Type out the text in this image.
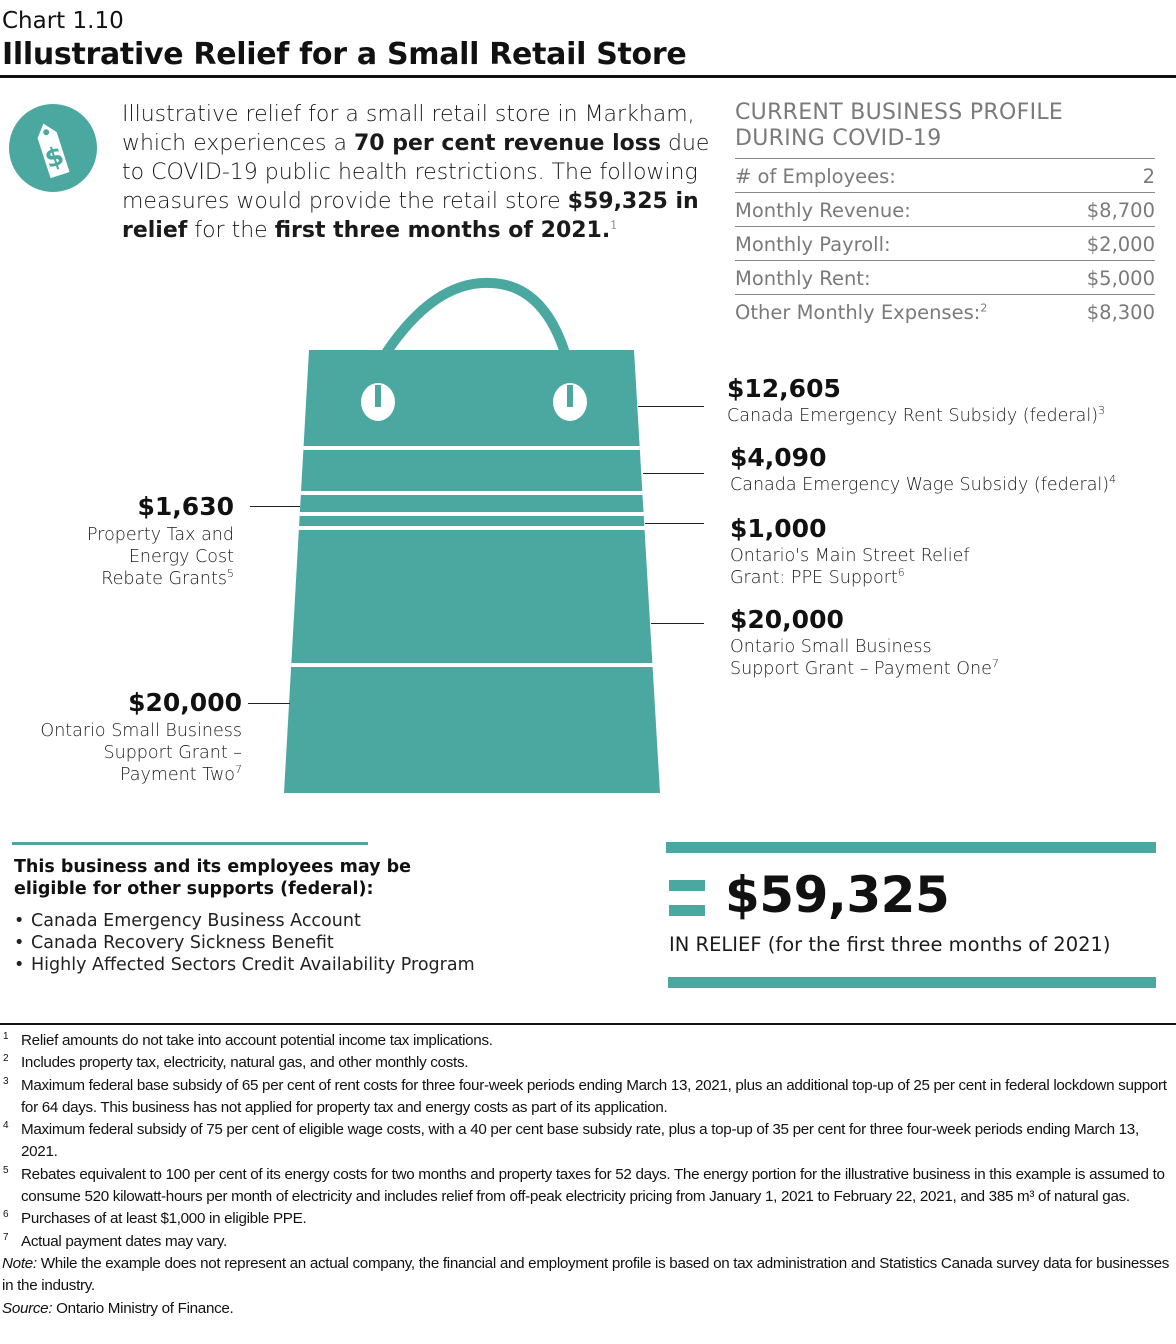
Chart 1.10
Illustrative Relief for a Small Retail Store
$
Illustrative relief for a small retail store in Markham, which experiences a 70 per cent revenue loss due to COVID-19 public health restrictions. The following measures would provide the retail store $59,325 in relief for the first three months of 2021.$^1$
CURRENT BUSINESS PROFILE DURING COVID-19
# of Employees:	2
Monthly Revenue:	$8,700
Monthly Payroll:	$2,000
Monthly Rent:	$5,000
Other Monthly Expenses:$^2$	$8,300
$12,605
Canada Emergency Rent Subsidy (federal)$^3$
$4,090
Canada Emergency Wage Subsidy (federal)$^4$
$1,000
Ontario's Main Street Relief
Grant: PPE Support$^6$
$20,000
Ontario Small Business
Support Grant – Payment One$^7$
$1,630
Property Tax and
Energy Cost
Rebate Grants$^5$
$20,000
Ontario Small Business
Support Grant –
Payment Two$^7$
This business and its employees may be eligible for other supports (federal):
• Canada Emergency Business Account
• Canada Recovery Sickness Benefit
• Highly Affected Sectors Credit Availability Program
$59,325
IN RELIEF (for the first three months of 2021)
1 Relief amounts do not take into account potential income tax implications.
2 Includes property tax, electricity, natural gas, and other monthly costs.
3 Maximum federal base subsidy of 65 per cent of rent costs for three four-week periods ending March 13, 2021, plus an additional top-up of 25 per cent in federal lockdown support for 64 days. This business has not applied for property tax and energy costs as part of its application.
4 Maximum federal subsidy of 75 per cent of eligible wage costs, with a 40 per cent base subsidy rate, plus a top-up of 35 per cent for three four-week periods ending March 13, 2021.
5 Rebates equivalent to 100 per cent of its energy costs for two months and property taxes for 52 days. The energy portion for the illustrative business in this example is assumed to consume 520 kilowatt-hours per month of electricity and includes relief from off-peak electricity pricing from January 1, 2021 to February 22, 2021, and 385 m³ of natural gas.
6 Purchases of at least $1,000 in eligible PPE.
7 Actual payment dates may vary.
Note: While the example does not represent an actual company, the financial and employment profile is based on tax administration and Statistics Canada survey data for businesses in the industry.
Source: Ontario Ministry of Finance.
